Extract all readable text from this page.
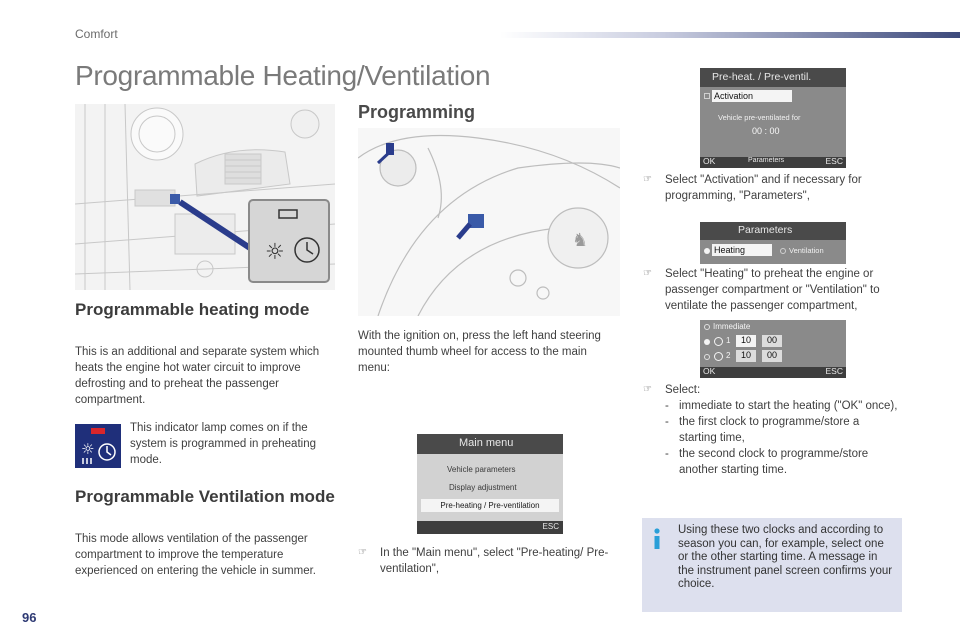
Comfort
Programmable Heating/Ventilation
☼	♞
Programming
Programmable heating mode
This is an additional and separate system which heats the engine hot water circuit to improve defrosting and to preheat the passenger compartment.
☼
This indicator lamp comes on if the system is programmed in preheating mode.
Programmable Ventilation mode
This mode allows ventilation of the passenger compartment to improve the temperature experienced on entering the vehicle in summer.
With the ignition on, press the left hand steering mounted thumb wheel for access to the main menu:
Main menu
Vehicle parameters
Display adjustment
Pre-heating / Pre-ventilation
ESC
☞ In the "Main menu", select "Pre-heating/ Pre-ventilation",
Pre-heat. / Pre-ventil.
Activation
Vehicle pre-ventilated for
00 : 00
OK	Parameters	ESC
☞ Select "Activation" and if necessary for programming, "Parameters",
Parameters
Heating	Ventilation
☞ Select "Heating" to preheat the engine or passenger compartment or "Ventilation" to ventilate the passenger compartment,
Immediate
1	10	00
2	10	00
OK	ESC
☞ Select:
- immediate to start the heating ("OK" once),
- the first clock to programme/store a starting time,
- the second clock to programme/store another starting time.
Using these two clocks and according to season you can, for example, select one or the other starting time. A message in the instrument panel screen confirms your choice.
96
